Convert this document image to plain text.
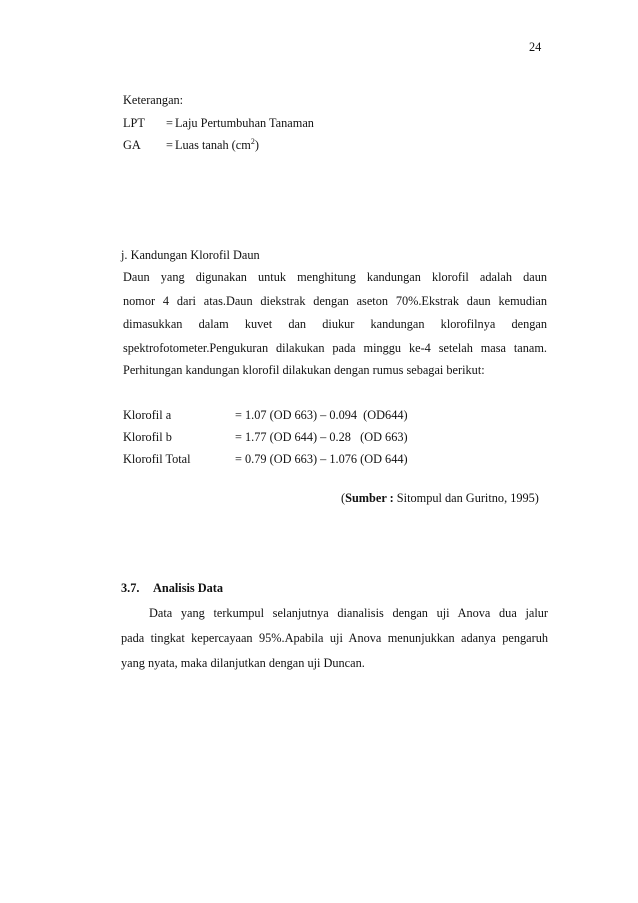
24
Keterangan:
LPT = Laju Pertumbuhan Tanaman
GA = Luas tanah $(cm^2)$
j. Kandungan Klorofil Daun
Daun yang digunakan untuk menghitung kandungan klorofil adalah daun
nomor 4 dari atas.Daun diekstrak dengan aseton 70%.Ekstrak daun kemudian
dimasukkan dalam kuvet dan diukur kandungan klorofilnya dengan
spektrofotometer.Pengukuran dilakukan pada minggu ke-4 setelah masa tanam.
Perhitungan kandungan klorofil dilakukan dengan rumus sebagai berikut:
Klorofil a	= 1.07 (OD 663) – 0.094  (OD644)
Klorofil b	= 1.77 (OD 644) – 0.28   (OD 663)
Klorofil Total	= 0.79 (OD 663) – 1.076 (OD 644)
(Sumber : Sitompul dan Guritno, 1995)
3.7. Analisis Data
Data yang terkumpul selanjutnya dianalisis dengan uji Anova dua jalur
pada tingkat kepercayaan 95%.Apabila uji Anova menunjukkan adanya pengaruh
yang nyata, maka dilanjutkan dengan uji Duncan.
